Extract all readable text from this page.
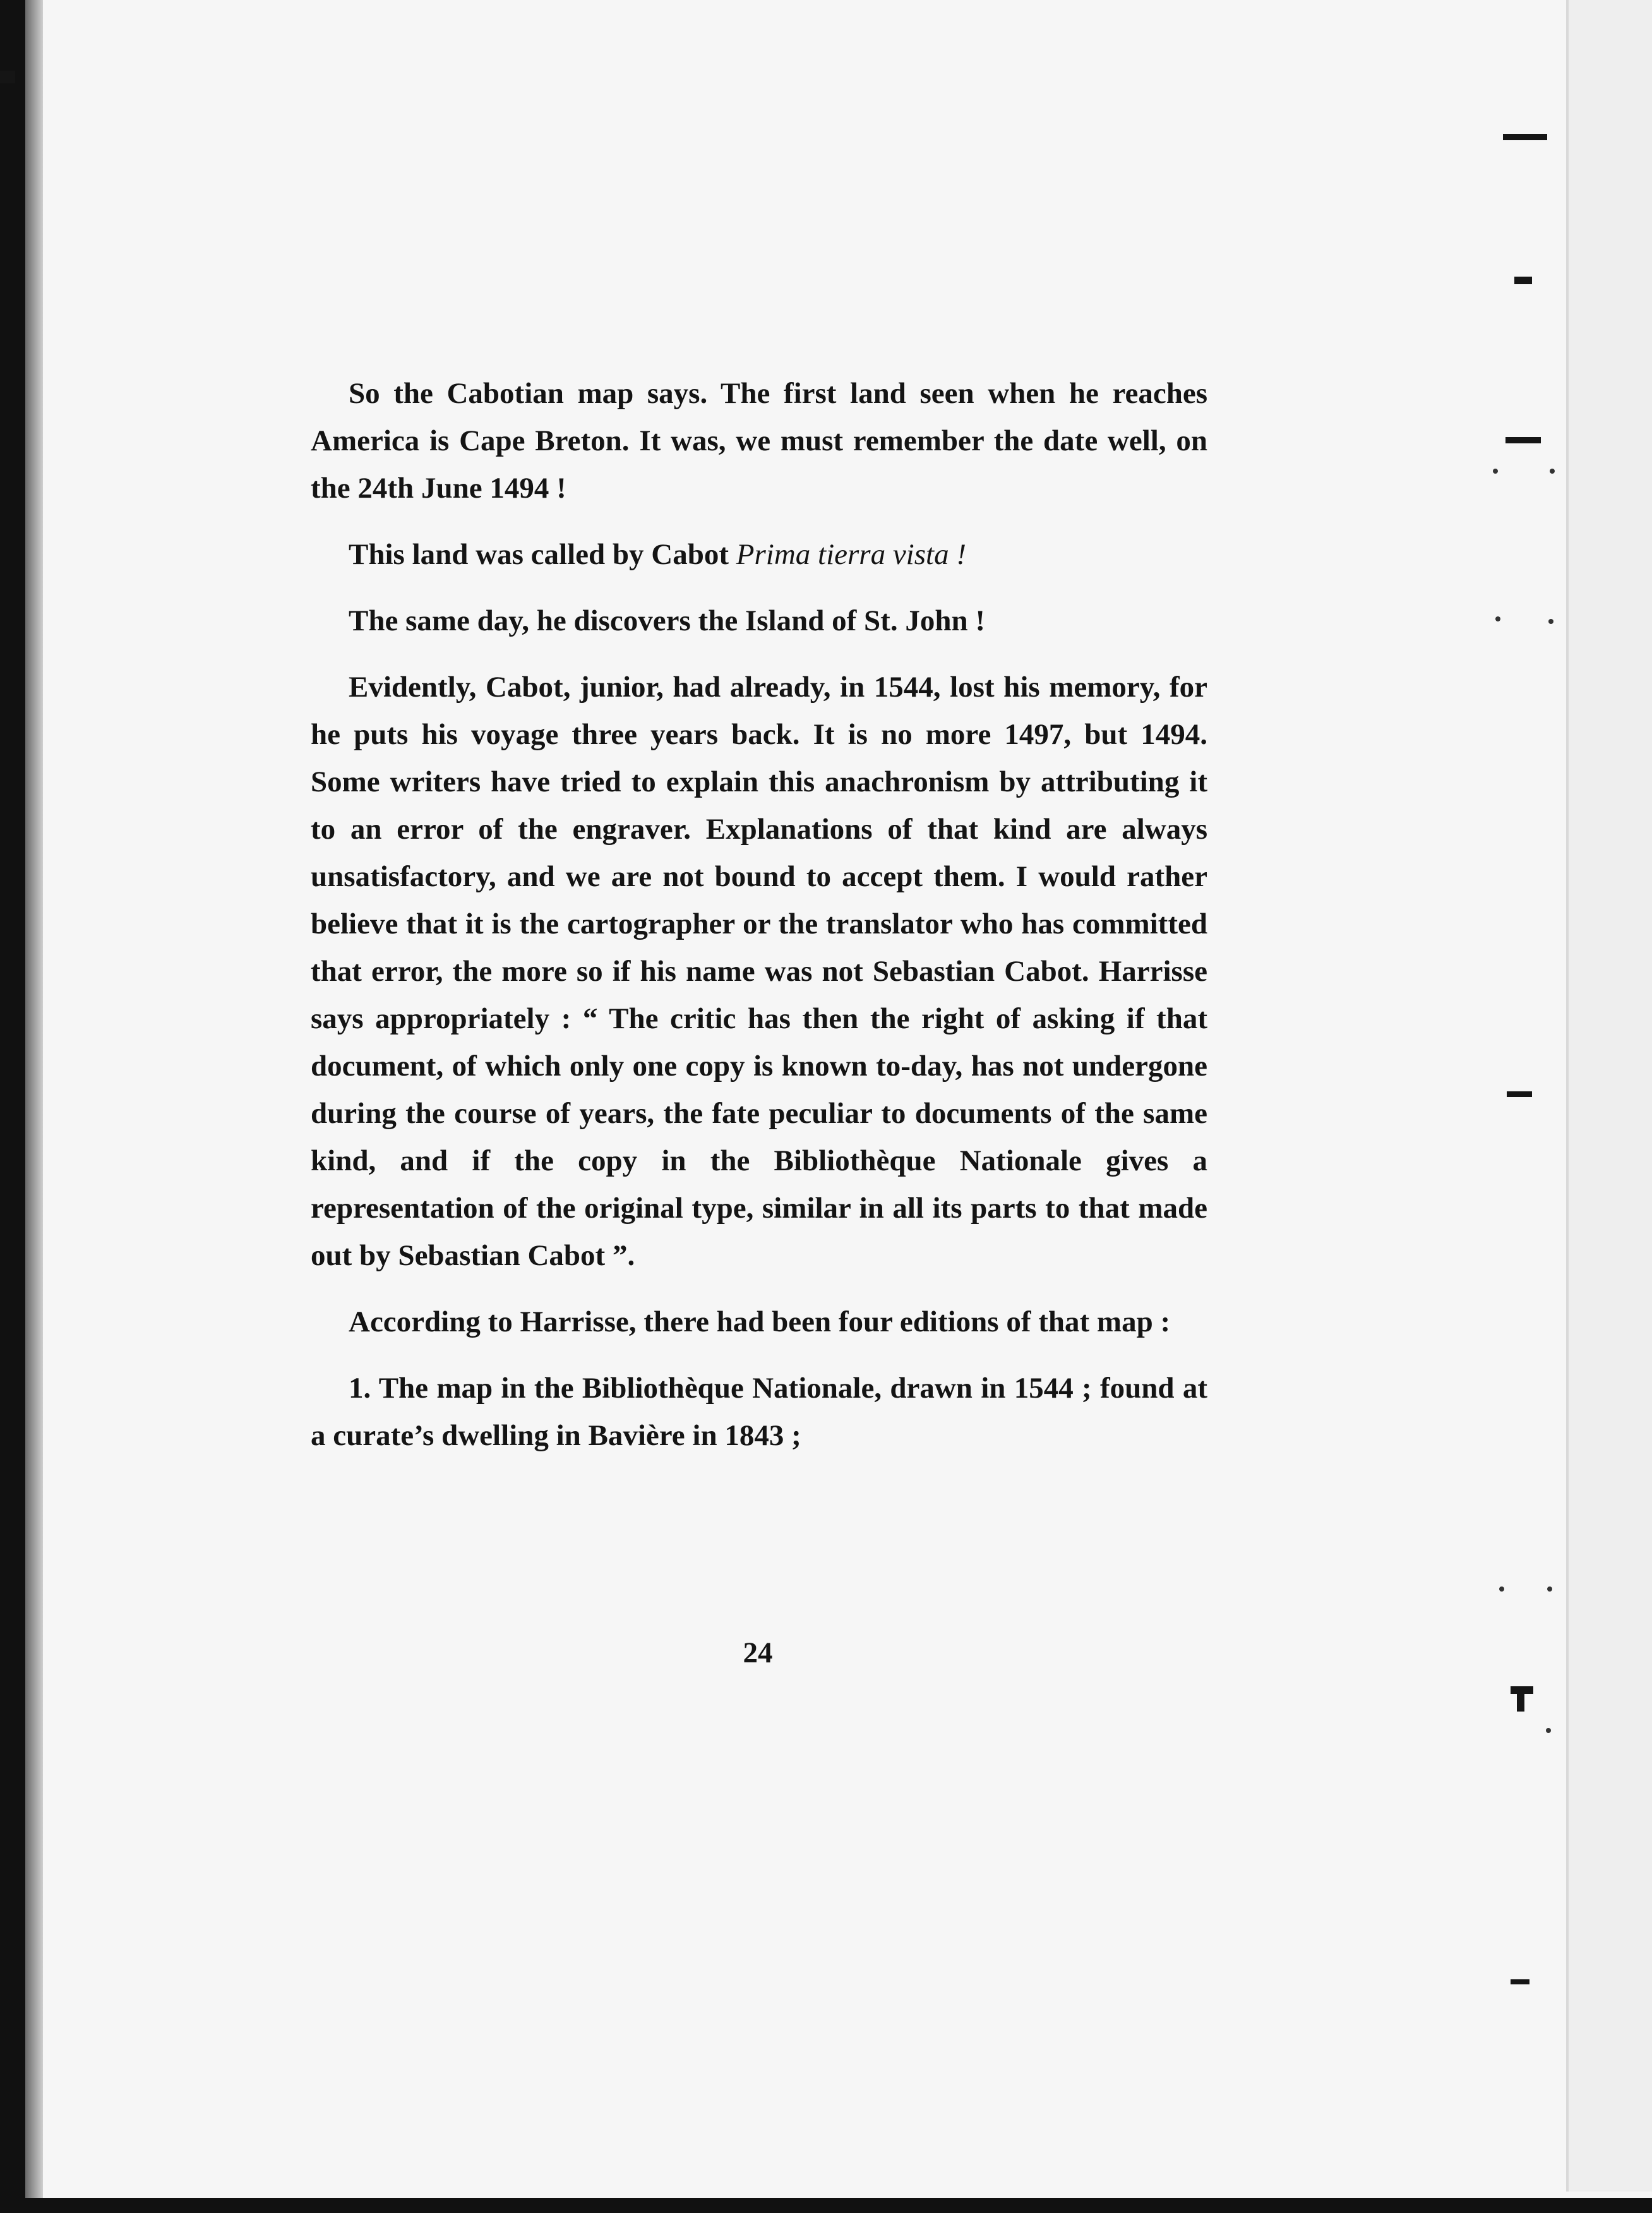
So the Cabotian map says. The first land seen when he reaches America is Cape Breton. It was, we must remember the date well, on the 24th June 1494 !

This land was called by Cabot Prima tierra vista !

The same day, he discovers the Island of St. John !

Evidently, Cabot, junior, had already, in 1544, lost his memory, for he puts his voyage three years back. It is no more 1497, but 1494. Some writers have tried to explain this anachronism by attributing it to an error of the engraver. Explanations of that kind are always unsatisfactory, and we are not bound to accept them. I would rather believe that it is the cartographer or the translator who has committed that error, the more so if his name was not Sebastian Cabot. Harrisse says appropriately : “ The critic has then the right of asking if that document, of which only one copy is known to-day, has not undergone during the course of years, the fate peculiar to documents of the same kind, and if the copy in the Bibliothèque Nationale gives a representation of the original type, similar in all its parts to that made out by Sebastian Cabot ”.

According to Harrisse, there had been four editions of that map :

1. The map in the Bibliothèque Nationale, drawn in 1544 ; found at a curate’s dwelling in Bavière in 1843 ;

24
